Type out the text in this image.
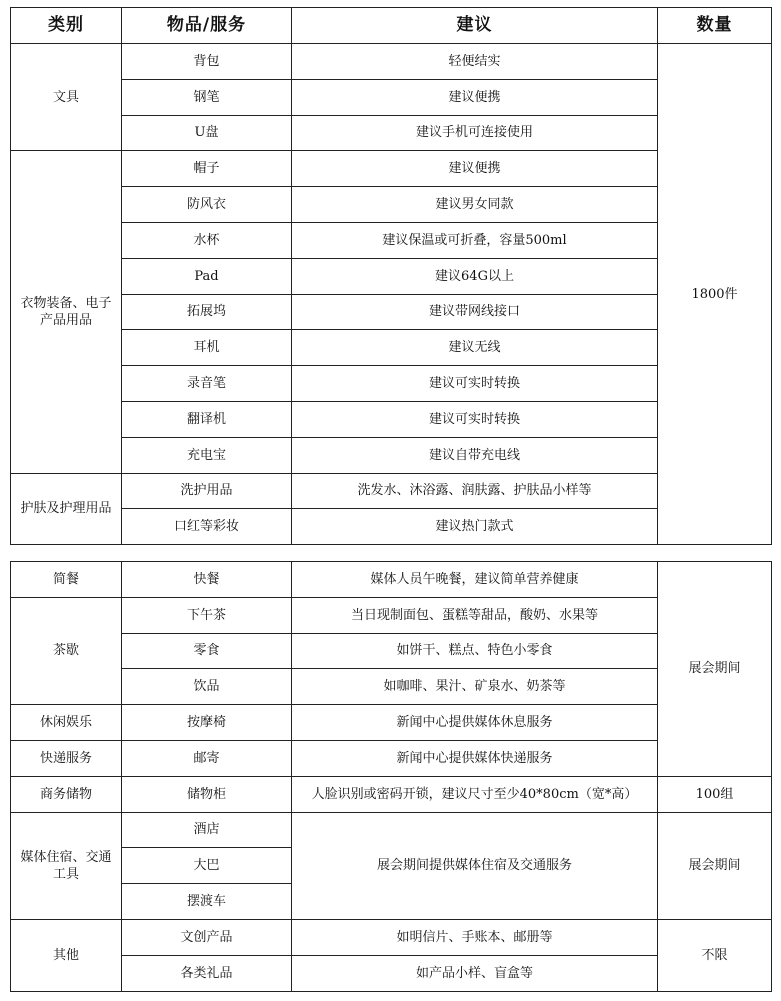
类别	物品/服务	建议	数量
文具	背包	轻便结实	1800件
	钢笔	建议便携	
	U盘	建议手机可连接使用	
衣物装备、电子产品用品	帽子	建议便携	
	防风衣	建议男女同款	
	水杯	建议保温或可折叠，容量500ml	
	Pad	建议64G以上	
	拓展坞	建议带网线接口	
	耳机	建议无线	
	录音笔	建议可实时转换	
	翻译机	建议可实时转换	
	充电宝	建议自带充电线	
护肤及护理用品	洗护用品	洗发水、沐浴露、润肤露、护肤品小样等	
	口红等彩妆	建议热门款式	
简餐	快餐	媒体人员午晚餐，建议简单营养健康	展会期间
茶歇	下午茶	当日现制面包、蛋糕等甜品，酸奶、水果等	
	零食	如饼干、糕点、特色小零食	
	饮品	如咖啡、果汁、矿泉水、奶茶等	
休闲娱乐	按摩椅	新闻中心提供媒体休息服务	
快递服务	邮寄	新闻中心提供媒体快递服务	
商务储物	储物柜	人脸识别或密码开锁，建议尺寸至少40*80cm（宽*高）	100组
媒体住宿、交通工具	酒店	展会期间提供媒体住宿及交通服务	展会期间
	大巴		
	摆渡车		
其他	文创产品	如明信片、手账本、邮册等	不限
	各类礼品	如产品小样、盲盒等	
